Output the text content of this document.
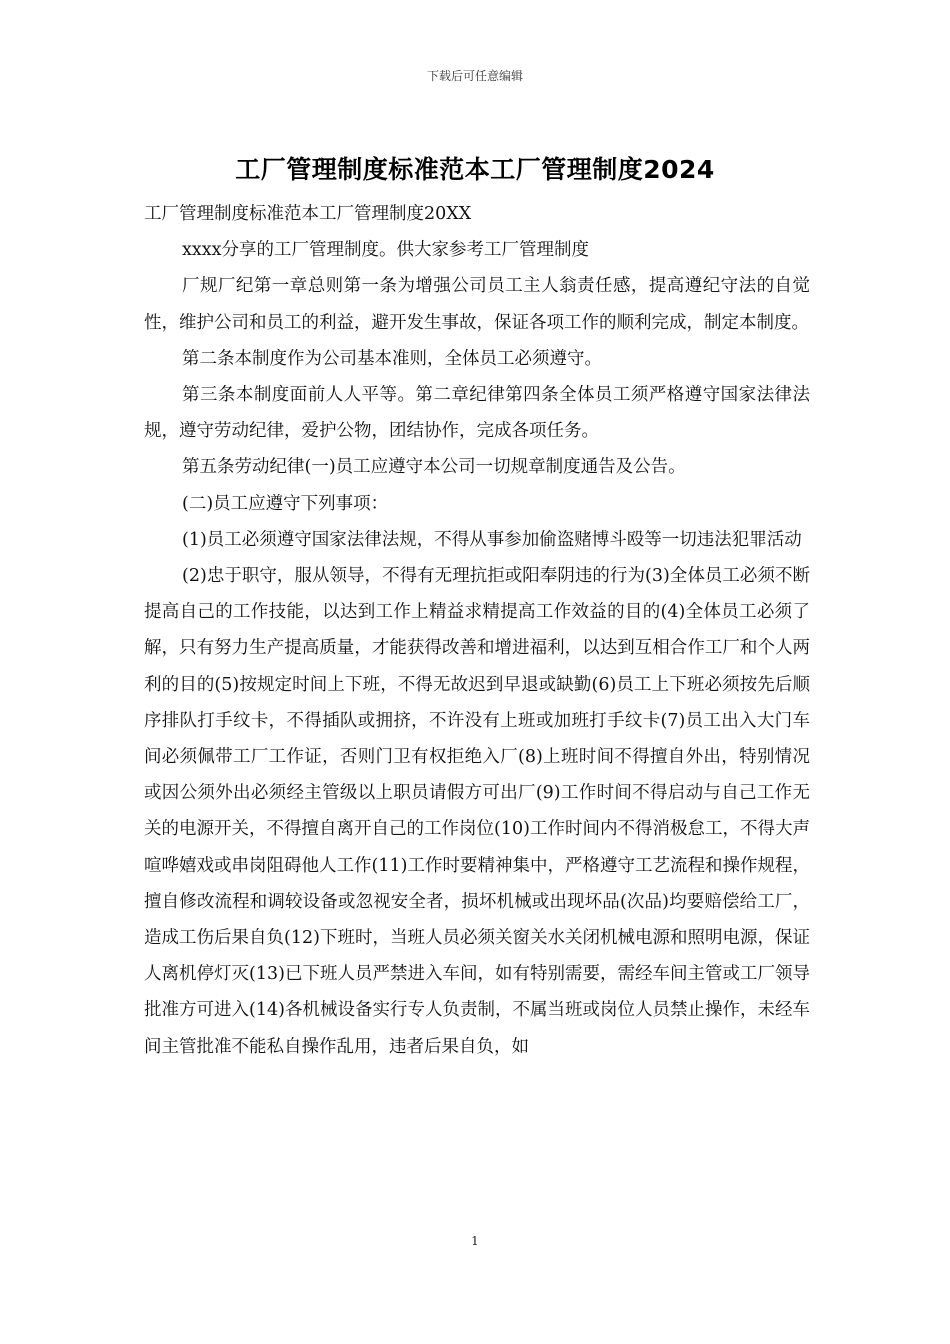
下载后可任意编辑
工厂管理制度标准范本工厂管理制度2024

工厂管理制度标准范本工厂管理制度20XX

xxxx分享的工厂管理制度。供大家参考工厂管理制度

厂规厂纪第一章总则第一条为增强公司员工主人翁责任感，提高遵纪守法的自觉性，维护公司和员工的利益，避开发生事故，保证各项工作的顺利完成，制定本制度。

第二条本制度作为公司基本准则，全体员工必须遵守。

第三条本制度面前人人平等。第二章纪律第四条全体员工须严格遵守国家法律法规，遵守劳动纪律，爱护公物，团结协作，完成各项任务。

第五条劳动纪律(一)员工应遵守本公司一切规章制度通告及公告。

(二)员工应遵守下列事项：

(1)员工必须遵守国家法律法规，不得从事参加偷盗赌博斗殴等一切违法犯罪活动

(2)忠于职守，服从领导，不得有无理抗拒或阳奉阴违的行为(3)全体员工必须不断提高自己的工作技能，以达到工作上精益求精提高工作效益的目的(4)全体员工必须了解，只有努力生产提高质量，才能获得改善和增进福利，以达到互相合作工厂和个人两利的目的(5)按规定时间上下班，不得无故迟到早退或缺勤(6)员工上下班必须按先后顺序排队打手纹卡，不得插队或拥挤，不许没有上班或加班打手纹卡(7)员工出入大门车间必须佩带工厂工作证，否则门卫有权拒绝入厂(8)上班时间不得擅自外出，特别情况或因公须外出必须经主管级以上职员请假方可出厂(9)工作时间不得启动与自己工作无关的电源开关，不得擅自离开自己的工作岗位(10)工作时间内不得消极怠工，不得大声喧哗嬉戏或串岗阻碍他人工作(11)工作时要精神集中，严格遵守工艺流程和操作规程，擅自修改流程和调较设备或忽视安全者，损坏机械或出现坏品(次品)均要赔偿给工厂，造成工伤后果自负(12)下班时，当班人员必须关窗关水关闭机械电源和照明电源，保证人离机停灯灭(13)已下班人员严禁进入车间，如有特别需要，需经车间主管或工厂领导批准方可进入(14)各机械设备实行专人负责制，不属当班或岗位人员禁止操作，未经车间主管批准不能私自操作乱用，违者后果自负，如

1
